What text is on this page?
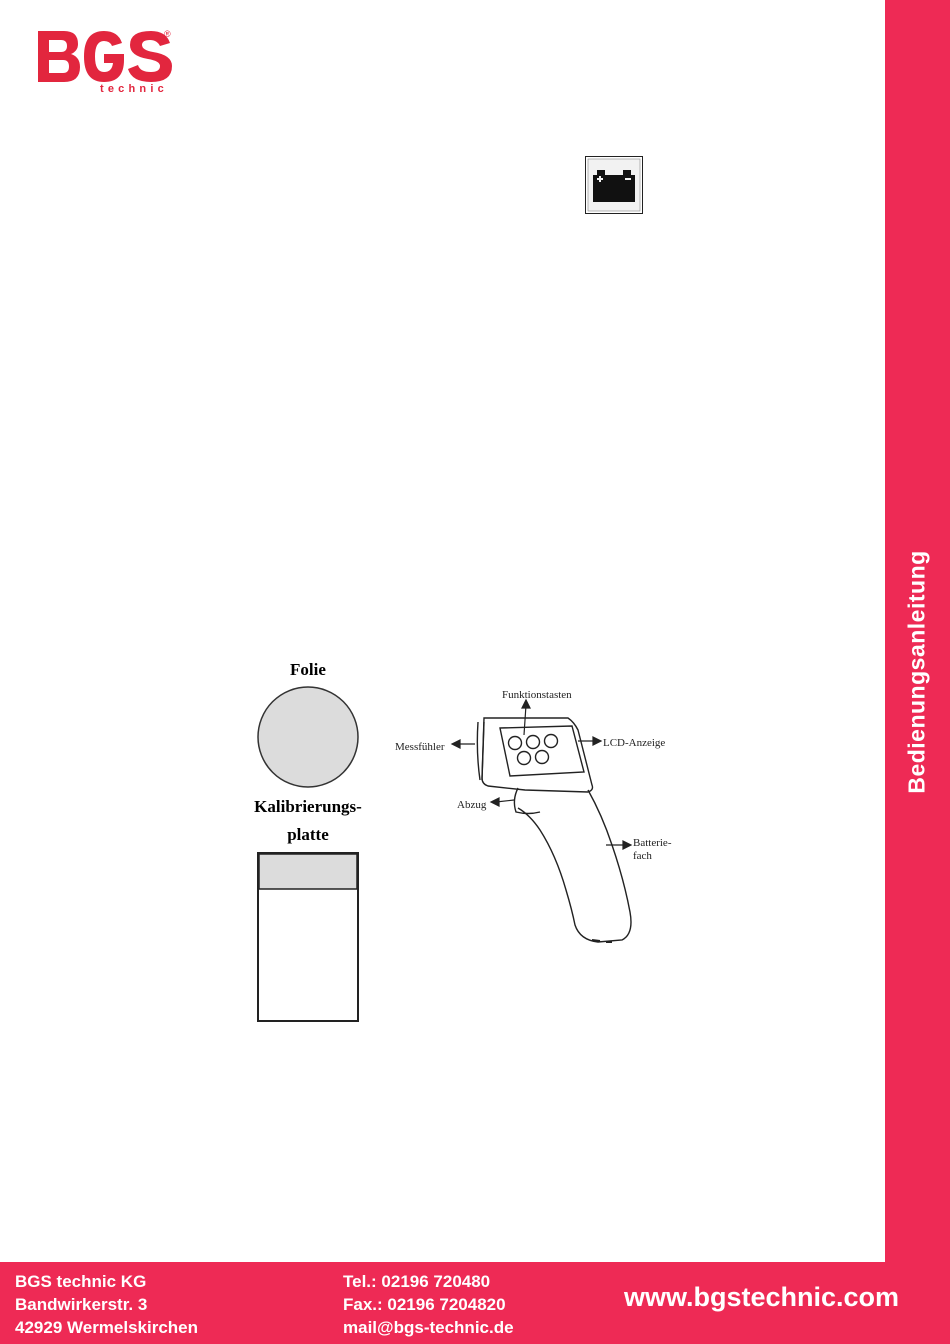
technic
®
Folie
Kalibrierungs-
platte
Funktionstasten
Messfühler	LCD-Anzeige
Abzug
Batterie-
fach
Bedienungsanleitung
BGS technic KG
Bandwirkerstr. 3
42929 Wermelskirchen
Tel.: 02196 720480
Fax.: 02196 7204820
mail@bgs-technic.de
www.bgstechnic.com
